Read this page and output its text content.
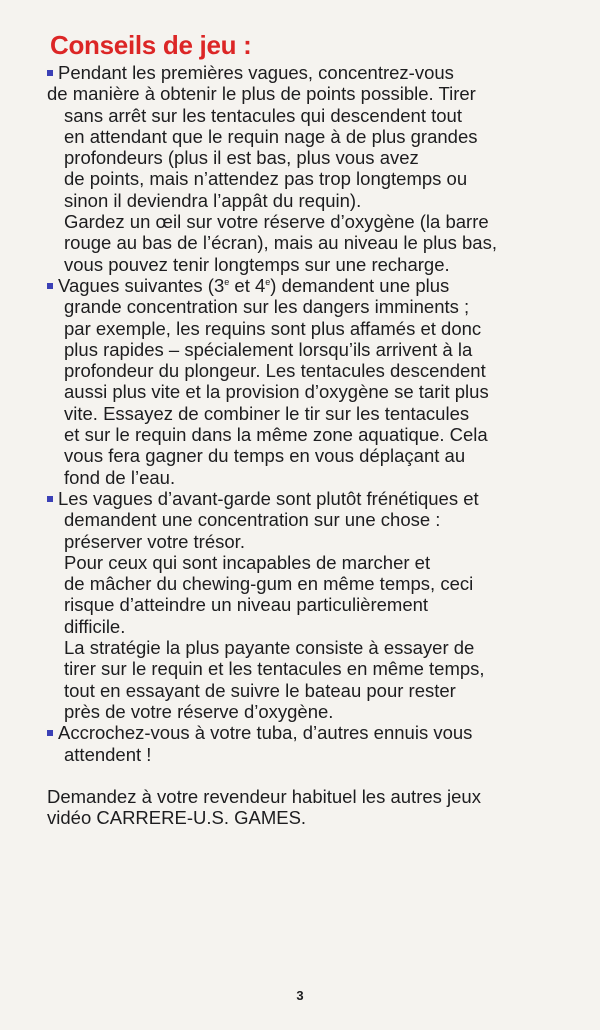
Conseils de jeu :
Pendant les premières vagues, concentrez-vous
de manière à obtenir le plus de points possible. Tirer
sans arrêt sur les tentacules qui descendent tout
en attendant que le requin nage à de plus grandes
profondeurs (plus il est bas, plus vous avez
de points, mais n’attendez pas trop longtemps ou
sinon il deviendra l’appât du requin).
Gardez un œil sur votre réserve d’oxygène (la barre
rouge au bas de l’écran), mais au niveau le plus bas,
vous pouvez tenir longtemps sur une recharge.
Vagues suivantes (3e et 4e) demandent une plus
grande concentration sur les dangers imminents ;
par exemple, les requins sont plus affamés et donc
plus rapides – spécialement lorsqu’ils arrivent à la
profondeur du plongeur. Les tentacules descendent
aussi plus vite et la provision d’oxygène se tarit plus
vite. Essayez de combiner le tir sur les tentacules
et sur le requin dans la même zone aquatique. Cela
vous fera gagner du temps en vous déplaçant au
fond de l’eau.
Les vagues d’avant-garde sont plutôt frénétiques et
demandent une concentration sur une chose :
préserver votre trésor.
Pour ceux qui sont incapables de marcher et
de mâcher du chewing-gum en même temps, ceci
risque d’atteindre un niveau particulièrement
difficile.
La stratégie la plus payante consiste à essayer de
tirer sur le requin et les tentacules en même temps,
tout en essayant de suivre le bateau pour rester
près de votre réserve d’oxygène.
Accrochez-vous à votre tuba, d’autres ennuis vous
attendent !
Demandez à votre revendeur habituel les autres jeux
vidéo CARRERE-U.S. GAMES.
3
